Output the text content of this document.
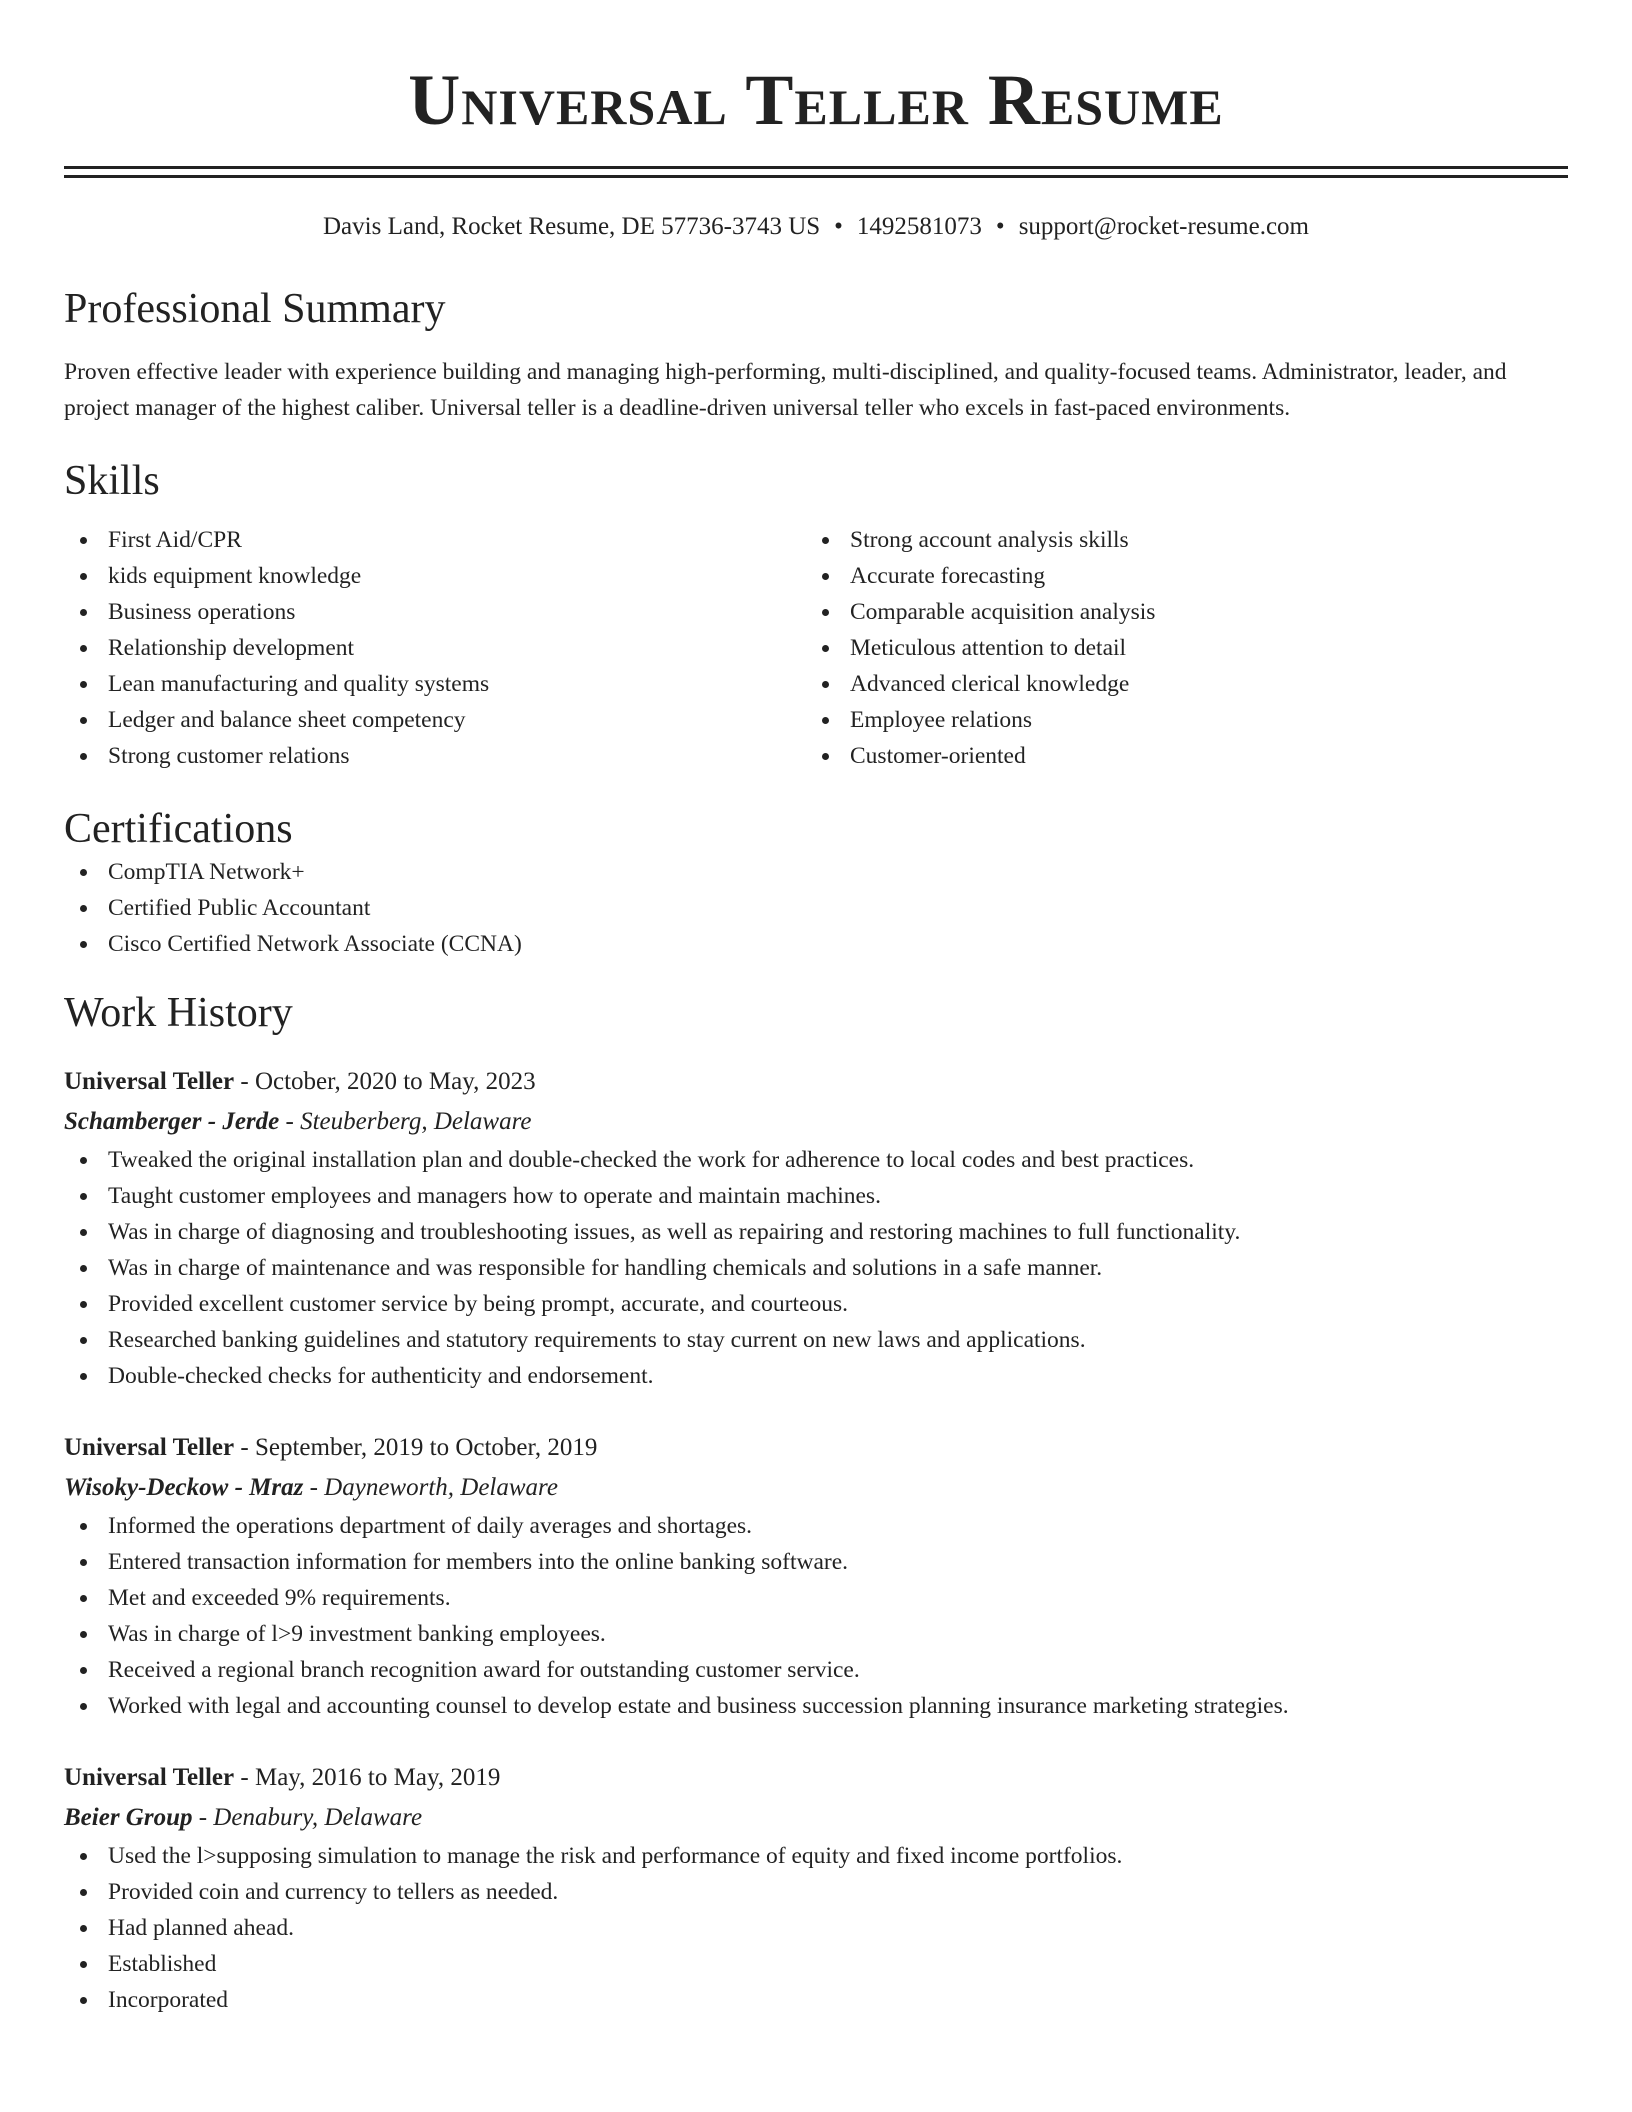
Universal Teller Resume
Davis Land, Rocket Resume, DE 57736-3743 US • 1492581073 • support@rocket-resume.com
Professional Summary
Proven effective leader with experience building and managing high-performing, multi-disciplined, and quality-focused teams. Administrator, leader, and project manager of the highest caliber. Universal teller is a deadline-driven universal teller who excels in fast-paced environments.
Skills
First Aid/CPR
kids equipment knowledge
Business operations
Relationship development
Lean manufacturing and quality systems
Ledger and balance sheet competency
Strong customer relations
Strong account analysis skills
Accurate forecasting
Comparable acquisition analysis
Meticulous attention to detail
Advanced clerical knowledge
Employee relations
Customer-oriented
Certifications
CompTIA Network+
Certified Public Accountant
Cisco Certified Network Associate (CCNA)
Work History
Universal Teller - October, 2020 to May, 2023
Schamberger - Jerde - Steuberberg, Delaware
Tweaked the original installation plan and double-checked the work for adherence to local codes and best practices.
Taught customer employees and managers how to operate and maintain machines.
Was in charge of diagnosing and troubleshooting issues, as well as repairing and restoring machines to full functionality.
Was in charge of maintenance and was responsible for handling chemicals and solutions in a safe manner.
Provided excellent customer service by being prompt, accurate, and courteous.
Researched banking guidelines and statutory requirements to stay current on new laws and applications.
Double-checked checks for authenticity and endorsement.
Universal Teller - September, 2019 to October, 2019
Wisoky-Deckow - Mraz - Dayneworth, Delaware
Informed the operations department of daily averages and shortages.
Entered transaction information for members into the online banking software.
Met and exceeded 9% requirements.
Was in charge of l>9 investment banking employees.
Received a regional branch recognition award for outstanding customer service.
Worked with legal and accounting counsel to develop estate and business succession planning insurance marketing strategies.
Universal Teller - May, 2016 to May, 2019
Beier Group - Denabury, Delaware
Used the l>supposing simulation to manage the risk and performance of equity and fixed income portfolios.
Provided coin and currency to tellers as needed.
Had planned ahead.
Established
Incorporated
